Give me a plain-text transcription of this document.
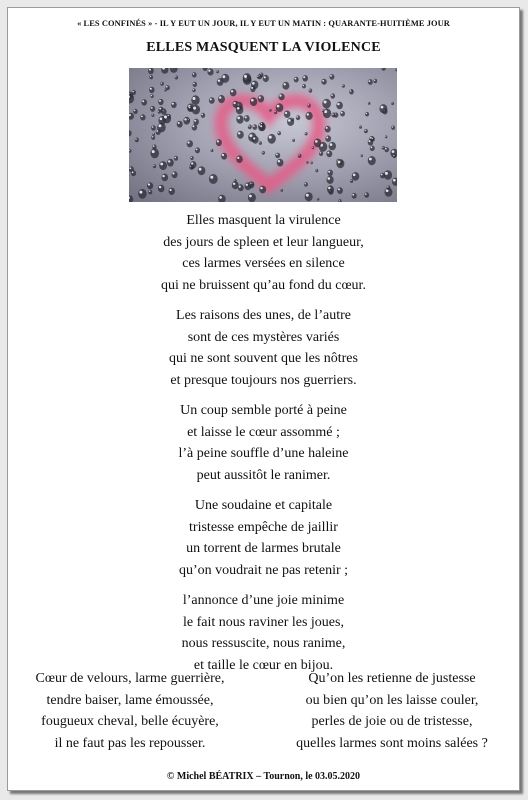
« LES CONFINÉS » - IL Y EUT UN JOUR, IL Y EUT UN MATIN : QUARANTE-HUITIÈME JOUR
ELLES MASQUENT LA VIOLENCE
Elles masquent la virulence
des jours de spleen et leur langueur,
ces larmes versées en silence
qui ne bruissent qu’au fond du cœur.
Les raisons des unes, de l’autre
sont de ces mystères variés
qui ne sont souvent que les nôtres
et presque toujours nos guerriers.
Un coup semble porté à peine
et laisse le cœur assommé ;
l’à peine souffle d’une haleine
peut aussitôt le ranimer.
Une soudaine et capitale
tristesse empêche de jaillir
un torrent de larmes brutale
qu’on voudrait ne pas retenir ;
l’annonce d’une joie minime
le fait nous raviner les joues,
nous ressuscite, nous ranime,
et taille le cœur en bijou.
Cœur de velours, larme guerrière,
tendre baiser, lame émoussée,
fougueux cheval, belle écuyère,
il ne faut pas les repousser.
Qu’on les retienne de justesse
ou bien qu’on les laisse couler,
perles de joie ou de tristesse,
quelles larmes sont moins salées ?
© Michel BÉATRIX – Tournon, le 03.05.2020
